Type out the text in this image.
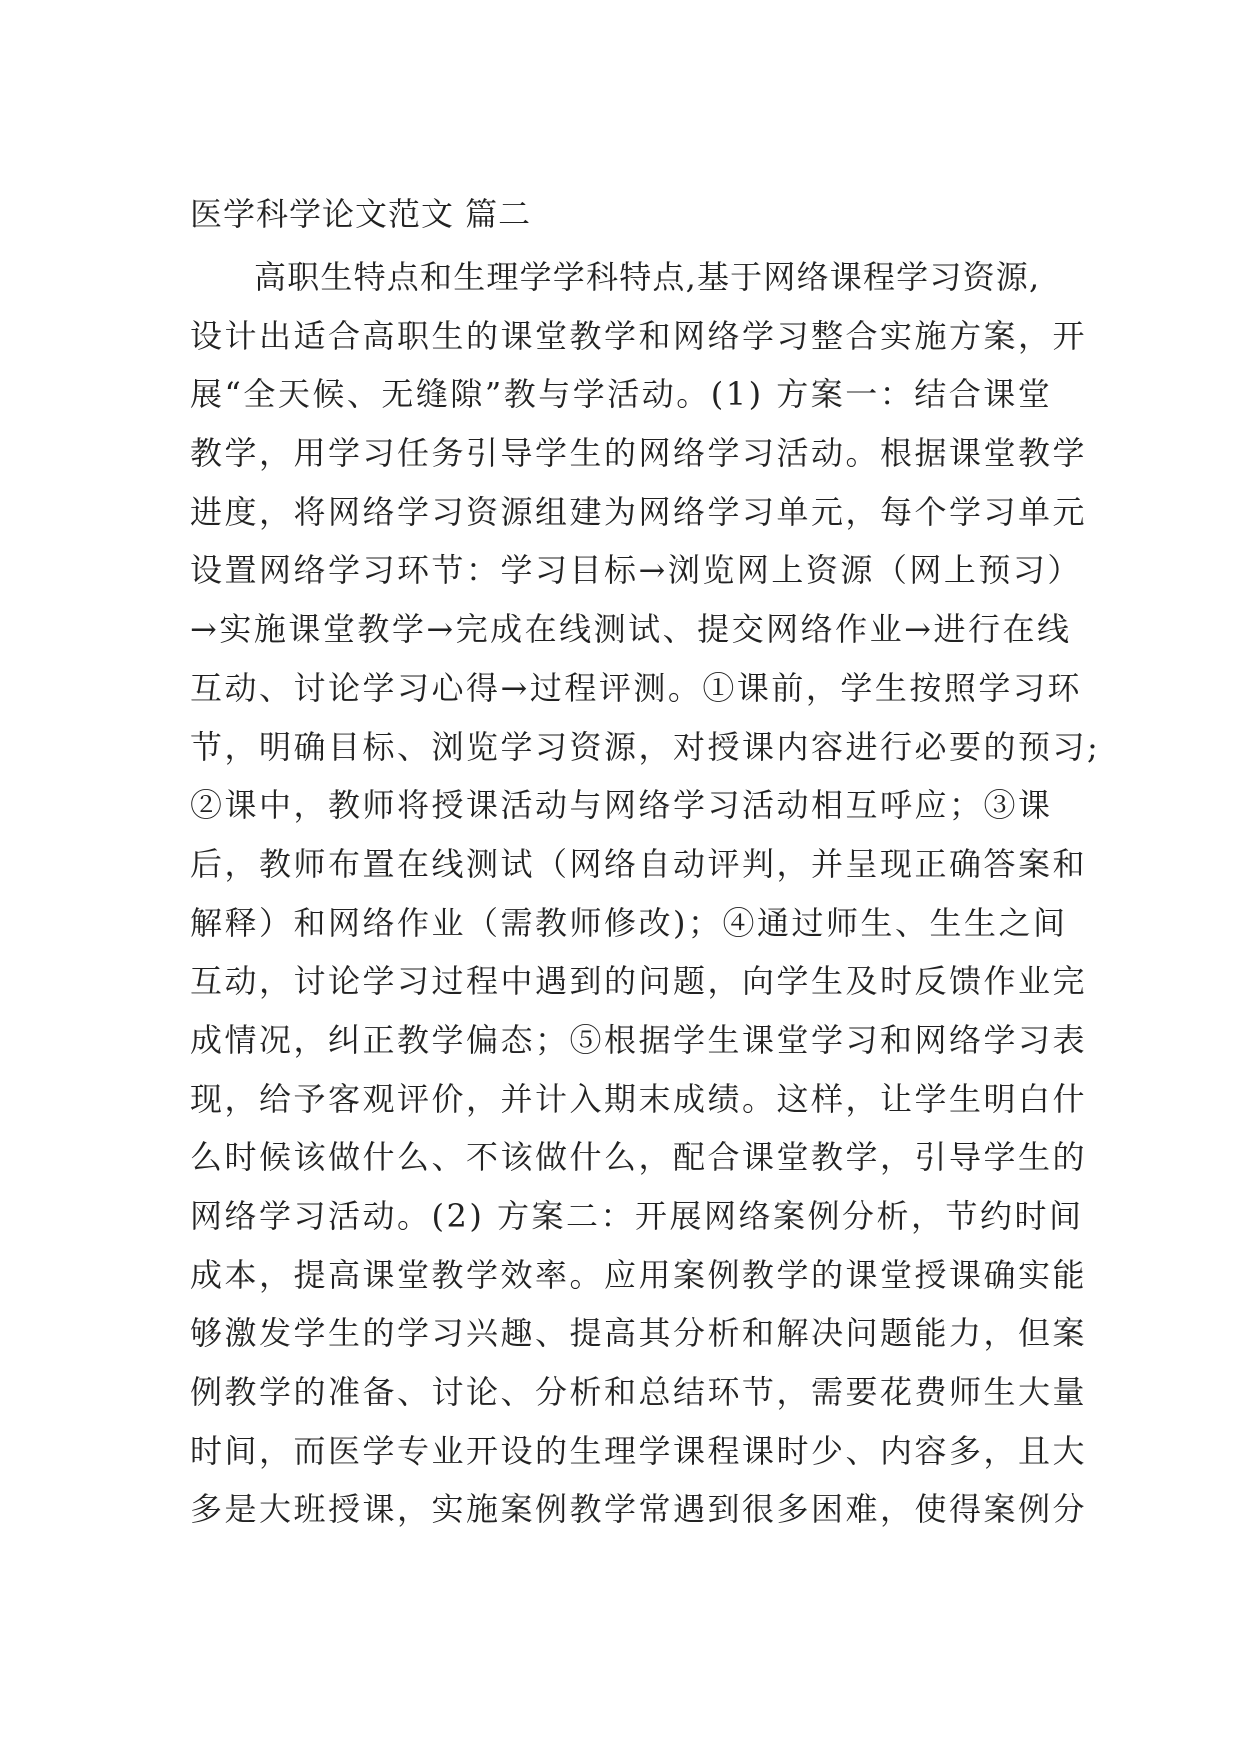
医学科学论文范文 篇二
高职生特点和生理学学科特点,基于网络课程学习资源,
设计出适合高职生的课堂教学和网络学习整合实施方案，开
展“全天候、无缝隙”教与学活动。(1) 方案一：结合课堂
教学，用学习任务引导学生的网络学习活动。根据课堂教学
进度，将网络学习资源组建为网络学习单元，每个学习单元
设置网络学习环节：学习目标→浏览网上资源（网上预习）
→实施课堂教学→完成在线测试、提交网络作业→进行在线
互动、讨论学习心得→过程评测。①课前，学生按照学习环
节，明确目标、浏览学习资源，对授课内容进行必要的预习;
②课中，教师将授课活动与网络学习活动相互呼应；③课
后，教师布置在线测试（网络自动评判，并呈现正确答案和
解释）和网络作业（需教师修改)；④通过师生、生生之间
互动，讨论学习过程中遇到的问题，向学生及时反馈作业完
成情况，纠正教学偏态；⑤根据学生课堂学习和网络学习表
现，给予客观评价，并计入期末成绩。这样，让学生明白什
么时候该做什么、不该做什么，配合课堂教学，引导学生的
网络学习活动。(2) 方案二：开展网络案例分析，节约时间
成本，提高课堂教学效率。应用案例教学的课堂授课确实能
够激发学生的学习兴趣、提高其分析和解决问题能力，但案
例教学的准备、讨论、分析和总结环节，需要花费师生大量
时间，而医学专业开设的生理学课程课时少、内容多，且大
多是大班授课，实施案例教学常遇到很多困难，使得案例分
